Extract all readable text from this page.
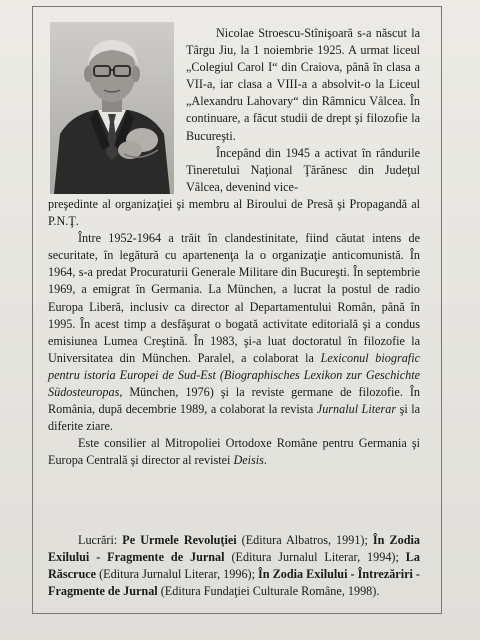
Nicolae Stroescu-Stînişoară s-a născut la Târgu Jiu, la 1 noiembrie 1925. A urmat liceul „Colegiul Carol I“ din Craiova, până în clasa a VII-a, iar clasa a VIII-a a absolvit-o la Liceul „Alexandru Lahovary“ din Râmnicu Vâlcea. În continuare, a făcut studii de drept şi filozofie la Bucureşti.

Începând din 1945 a activat în rândurile Tineretului Naţional Ţărănesc din Judeţul Vâlcea, devenind vice-

preşedinte al organizaţiei şi membru al Biroului de Presă şi Propagandă al P.N.Ţ.

Între 1952-1964 a trăit în clandestinitate, fiind căutat intens de securitate, în legătură cu apartenenţa la o organizaţie anticomunistă. În 1964, s-a predat Procuraturii Generale Militare din Bucureşti. În septembrie 1969, a emigrat în Germania. La München, a lucrat la postul de radio Europa Liberă, inclusiv ca director al Departamentului Român, până în 1995. În acest timp a desfăşurat o bogată activitate editorială şi a condus emisiunea Lumea Creştină. În 1983, şi-a luat doctoratul în filozofie la Universitatea din München. Paralel, a colaborat la Lexiconul biografic pentru istoria Europei de Sud-Est (Biographisches Lexikon zur Geschichte Südosteuropas, München, 1976) şi la reviste germane de filozofie. În România, după decembrie 1989, a colaborat la revista Jurnalul Literar şi la diferite ziare.

Este consilier al Mitropoliei Ortodoxe Române pentru Germania şi Europa Centrală şi director al revistei Deisis.

Lucrări: Pe Urmele Revoluţiei (Editura Albatros, 1991); În Zodia Exilului - Fragmente de Jurnal (Editura Jurnalul Literar, 1994); La Răscruce (Editura Jurnalul Literar, 1996); În Zodia Exilului - Întrezăriri - Fragmente de Jurnal (Editura Fundaţiei Culturale Române, 1998).
